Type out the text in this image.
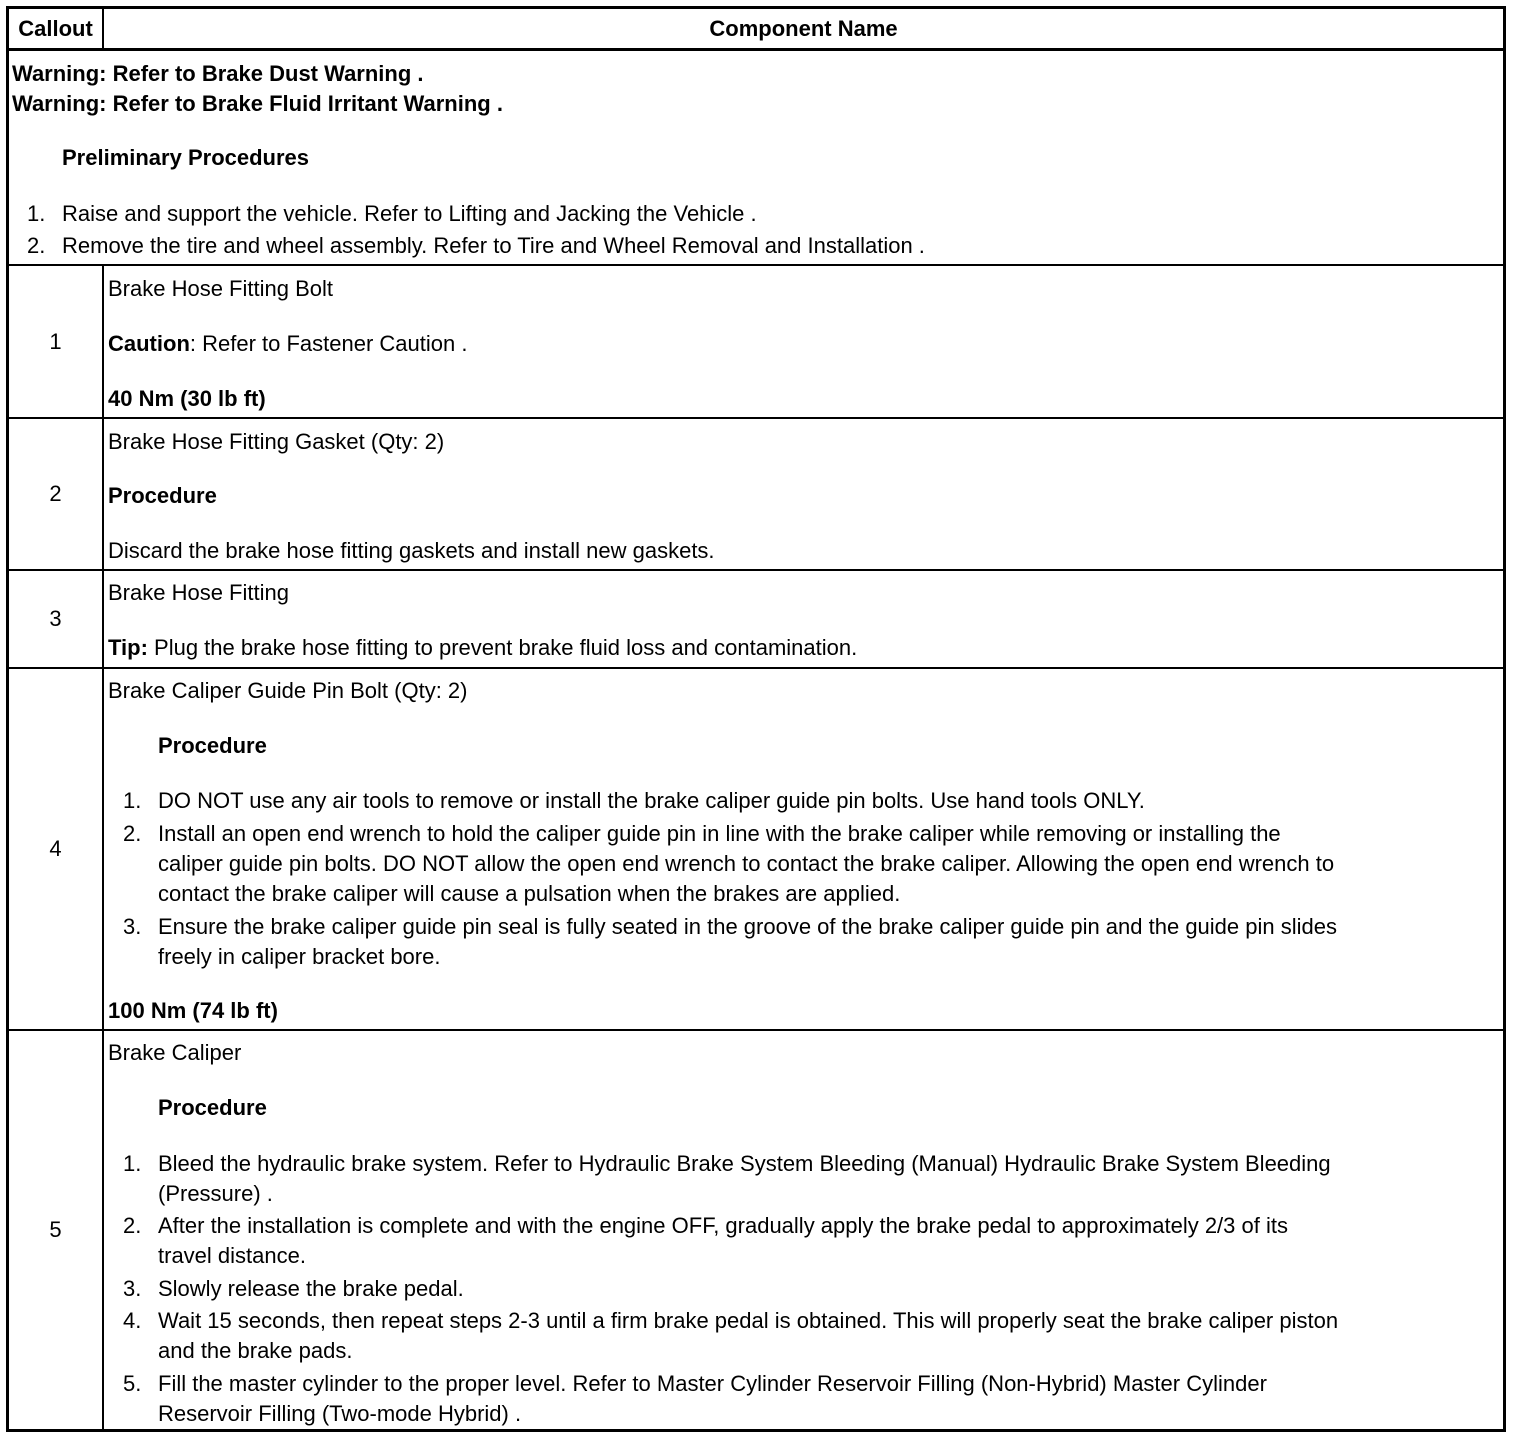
Callout	Component Name
Warning: Refer to Brake Dust Warning .
Warning: Refer to Brake Fluid Irritant Warning .
Preliminary Procedures
1. Raise and support the vehicle. Refer to Lifting and Jacking the Vehicle .
2. Remove the tire and wheel assembly. Refer to Tire and Wheel Removal and Installation .
1
Brake Hose Fitting Bolt
Caution: Refer to Fastener Caution .
40 Nm (30 lb ft)
2
Brake Hose Fitting Gasket (Qty: 2)
Procedure
Discard the brake hose fitting gaskets and install new gaskets.
3
Brake Hose Fitting
Tip: Plug the brake hose fitting to prevent brake fluid loss and contamination.
4
Brake Caliper Guide Pin Bolt (Qty: 2)
Procedure
1. DO NOT use any air tools to remove or install the brake caliper guide pin bolts. Use hand tools ONLY.
2. Install an open end wrench to hold the caliper guide pin in line with the brake caliper while removing or installing the
caliper guide pin bolts. DO NOT allow the open end wrench to contact the brake caliper. Allowing the open end wrench to
contact the brake caliper will cause a pulsation when the brakes are applied.
3. Ensure the brake caliper guide pin seal is fully seated in the groove of the brake caliper guide pin and the guide pin slides
freely in caliper bracket bore.
100 Nm (74 lb ft)
5
Brake Caliper
Procedure
1. Bleed the hydraulic brake system. Refer to Hydraulic Brake System Bleeding (Manual) Hydraulic Brake System Bleeding
(Pressure) .
2. After the installation is complete and with the engine OFF, gradually apply the brake pedal to approximately 2/3 of its
travel distance.
3. Slowly release the brake pedal.
4. Wait 15 seconds, then repeat steps 2-3 until a firm brake pedal is obtained. This will properly seat the brake caliper piston
and the brake pads.
5. Fill the master cylinder to the proper level. Refer to Master Cylinder Reservoir Filling (Non-Hybrid) Master Cylinder
Reservoir Filling (Two-mode Hybrid) .
